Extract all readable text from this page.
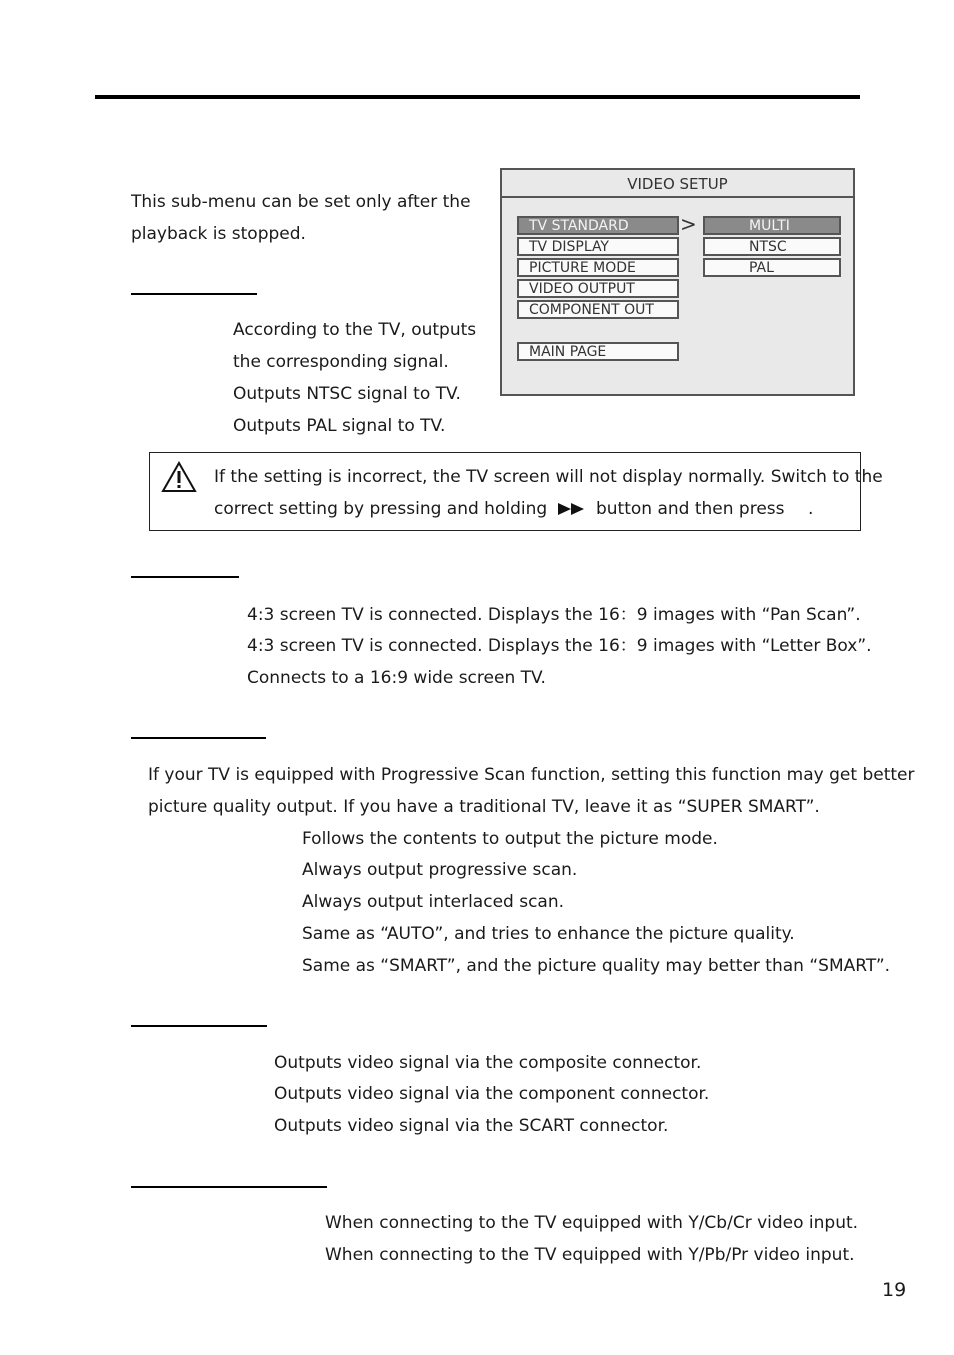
This sub-menu can be set only after the
playback is stopped.
VIDEO SETUP
TV STANDARD
TV DISPLAY
PICTURE MODE
VIDEO OUTPUT
COMPONENT OUT
MAIN PAGE
>	MULTI
NTSC
PAL
According to the TV, outputs
the corresponding signal.
Outputs NTSC signal to TV.
Outputs PAL signal to TV.
If the setting is incorrect, the TV screen will not display normally. Switch to the
correct setting by pressing and holding	button and then press .
4:3 screen TV is connected. Displays the 16：9 images with “Pan Scan”.
4:3 screen TV is connected. Displays the 16：9 images with “Letter Box”.
Connects to a 16:9 wide screen TV.
If your TV is equipped with Progressive Scan function, setting this function may get better
picture quality output. If you have a traditional TV, leave it as “SUPER SMART”.
Follows the contents to output the picture mode.
Always output progressive scan.
Always output interlaced scan.
Same as “AUTO”, and tries to enhance the picture quality.
Same as “SMART”, and the picture quality may better than “SMART”.
Outputs video signal via the composite connector.
Outputs video signal via the component connector.
Outputs video signal via the SCART connector.
When connecting to the TV equipped with Y/Cb/Cr video input.
When connecting to the TV equipped with Y/Pb/Pr video input.
19
